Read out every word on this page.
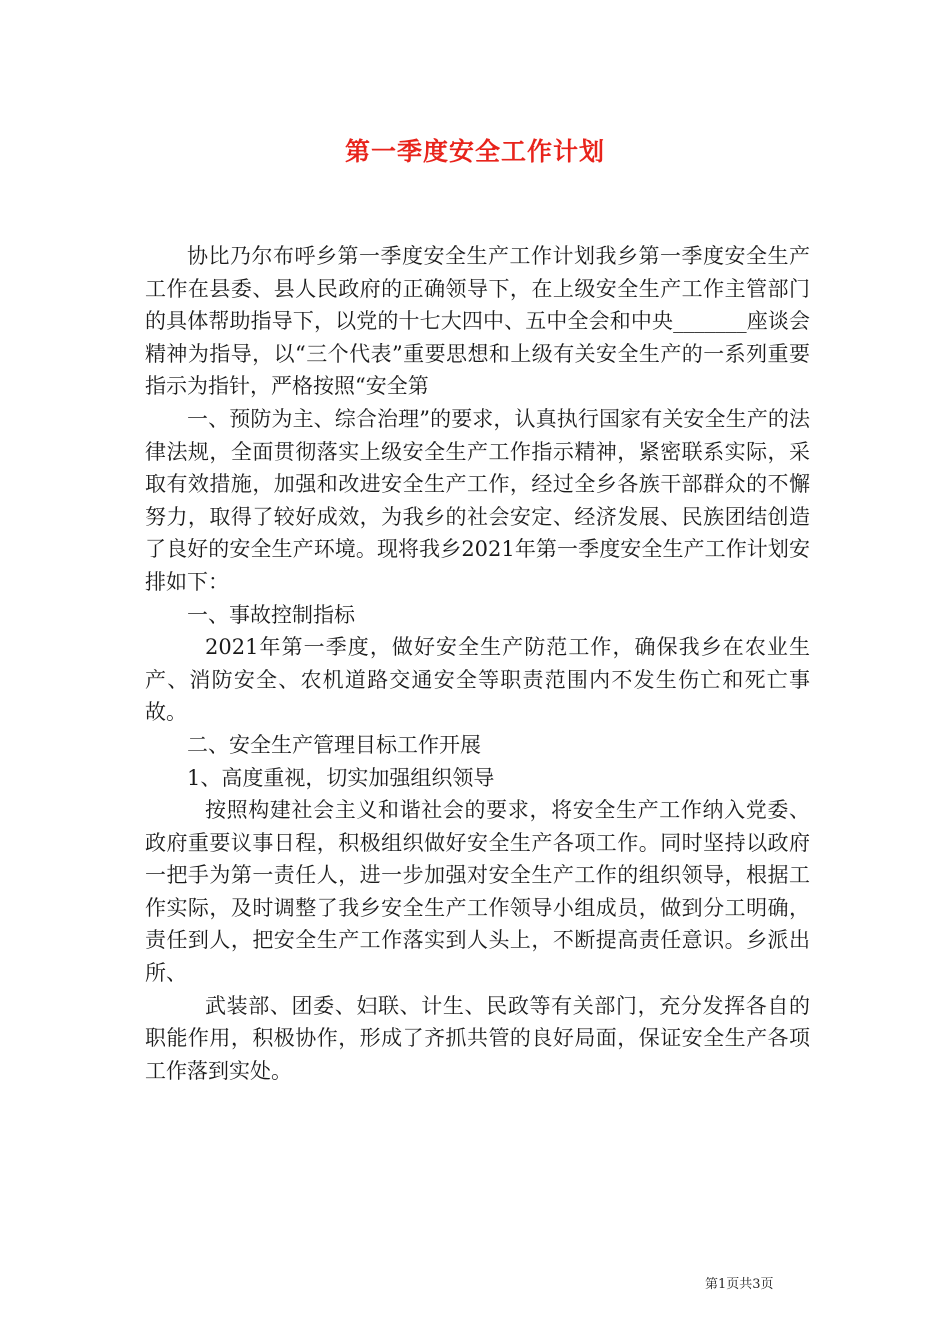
第一季度安全工作计划

协比乃尔布呼乡第一季度安全生产工作计划我乡第一季度安全生产工作在县委、县人民政府的正确领导下，在上级安全生产工作主管部门的具体帮助指导下，以党的十七大四中、五中全会和中央_______座谈会精神为指导，以“三个代表”重要思想和上级有关安全生产的一系列重要指示为指针，严格按照“安全第

一、预防为主、综合治理”的要求，认真执行国家有关安全生产的法律法规，全面贯彻落实上级安全生产工作指示精神，紧密联系实际，采取有效措施，加强和改进安全生产工作，经过全乡各族干部群众的不懈努力，取得了较好成效，为我乡的社会安定、经济发展、民族团结创造了良好的安全生产环境。现将我乡2021年第一季度安全生产工作计划安排如下：

一、事故控制指标

2021年第一季度，做好安全生产防范工作，确保我乡在农业生产、消防安全、农机道路交通安全等职责范围内不发生伤亡和死亡事故。

二、安全生产管理目标工作开展

1、高度重视，切实加强组织领导

按照构建社会主义和谐社会的要求，将安全生产工作纳入党委、政府重要议事日程，积极组织做好安全生产各项工作。同时坚持以政府一把手为第一责任人，进一步加强对安全生产工作的组织领导，根据工作实际，及时调整了我乡安全生产工作领导小组成员，做到分工明确，责任到人，把安全生产工作落实到人头上，不断提高责任意识。乡派出所、

武装部、团委、妇联、计生、民政等有关部门，充分发挥各自的职能作用，积极协作，形成了齐抓共管的良好局面，保证安全生产各项工作落到实处。

第1页共3页
